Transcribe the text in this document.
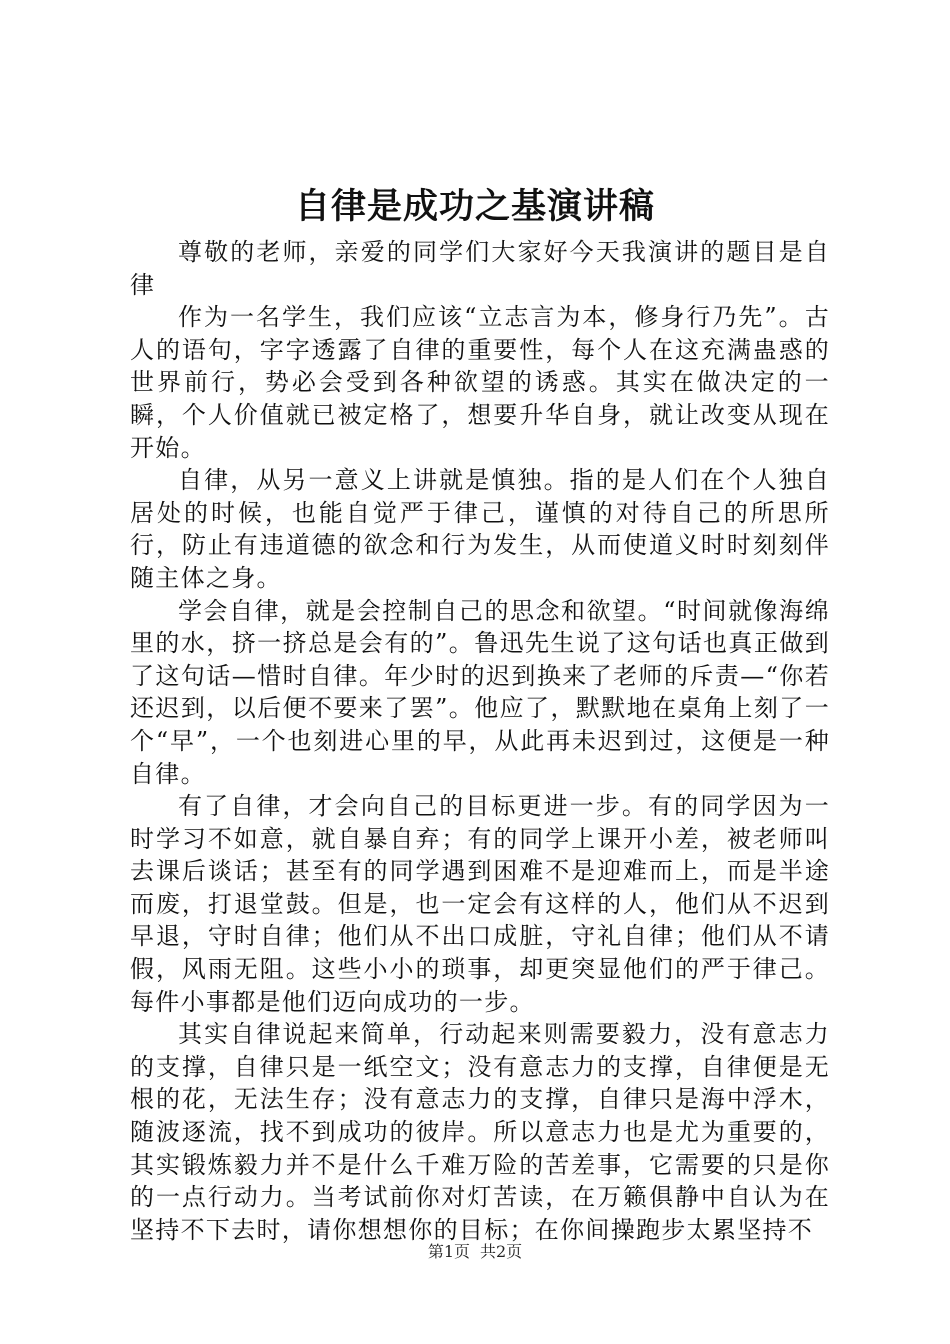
自律是成功之基演讲稿

尊敬的老师，亲爱的同学们大家好今天我演讲的题目是自律

作为一名学生，我们应该“立志言为本，修身行乃先”。古人的语句，字字透露了自律的重要性，每个人在这充满蛊惑的世界前行，势必会受到各种欲望的诱惑。其实在做决定的一瞬，个人价值就已被定格了，想要升华自身，就让改变从现在开始。

自律，从另一意义上讲就是慎独。指的是人们在个人独自居处的时候，也能自觉严于律己，谨慎的对待自己的所思所行，防止有违道德的欲念和行为发生，从而使道义时时刻刻伴随主体之身。

学会自律，就是会控制自己的思念和欲望。“时间就像海绵里的水，挤一挤总是会有的”。鲁迅先生说了这句话也真正做到了这句话—惜时自律。年少时的迟到换来了老师的斥责—“你若还迟到，以后便不要来了罢”。他应了，默默地在桌角上刻了一个“早”，一个也刻进心里的早，从此再未迟到过，这便是一种自律。

有了自律，才会向自己的目标更进一步。有的同学因为一时学习不如意，就自暴自弃；有的同学上课开小差，被老师叫去课后谈话；甚至有的同学遇到困难不是迎难而上，而是半途而废，打退堂鼓。但是，也一定会有这样的人，他们从不迟到早退，守时自律；他们从不出口成脏，守礼自律；他们从不请假，风雨无阻。这些小小的琐事，却更突显他们的严于律己。每件小事都是他们迈向成功的一步。

其实自律说起来简单，行动起来则需要毅力，没有意志力的支撑，自律只是一纸空文；没有意志力的支撑，自律便是无根的花，无法生存；没有意志力的支撑，自律只是海中浮木，随波逐流，找不到成功的彼岸。所以意志力也是尤为重要的，其实锻炼毅力并不是什么千难万险的苦差事，它需要的只是你的一点行动力。当考试前你对灯苦读，在万籁俱静中自认为在坚持不下去时，请你想想你的目标；在你间操跑步太累坚持不

第1页 共2页
